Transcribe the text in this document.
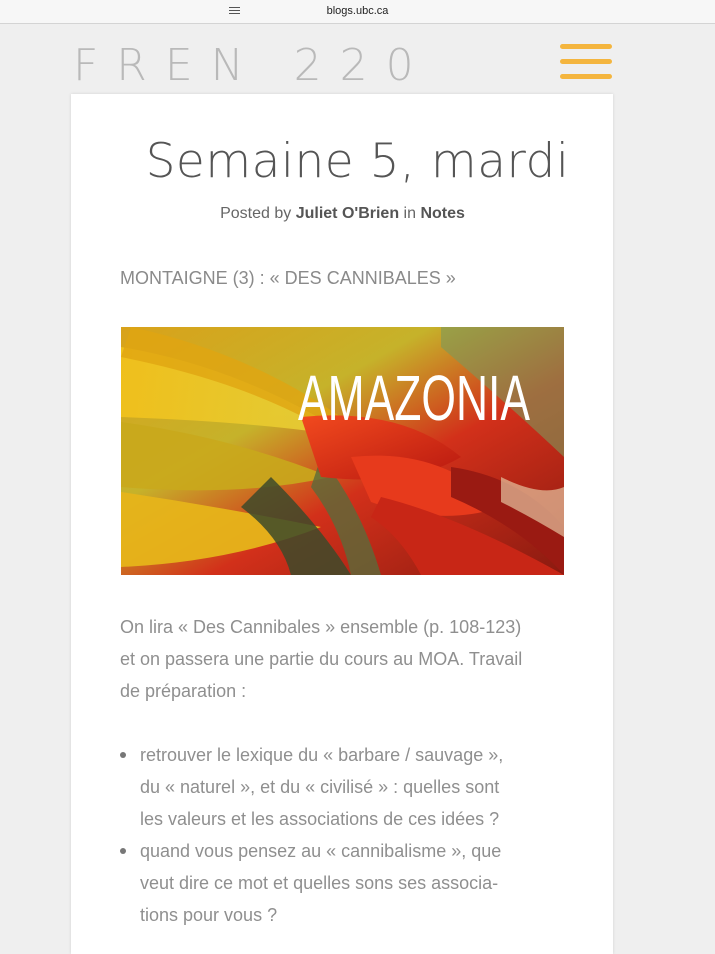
blogs.ubc.ca
FREN 220
Semaine 5, mardi
Posted by Juliet O'Brien in Notes
MONTAIGNE (3) : « DES CANNIBALES »
AMAZONIA

On lira « Des Cannibales » ensemble (p. 108-123)
et on passera une partie du cours au MOA. Travail
de préparation :

retrouver le lexique du « barbare / sauvage »,
du « naturel », et du « civilisé » : quelles sont
les valeurs et les associations de ces idées ?
quand vous pensez au « cannibalisme », que
veut dire ce mot et quelles sons ses associa-
tions pour vous ?
